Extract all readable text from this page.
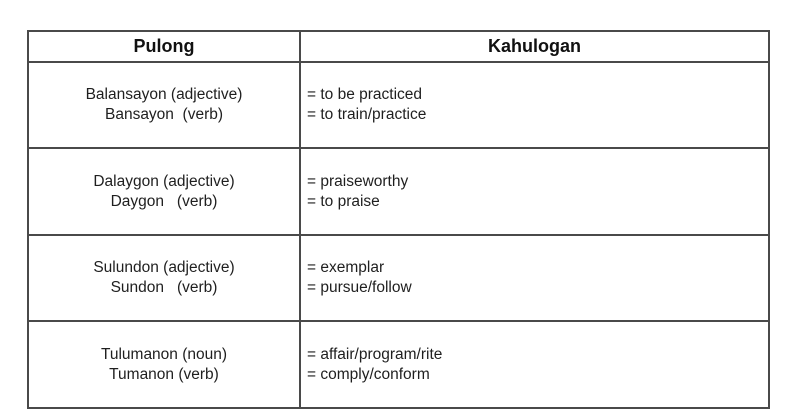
Pulong	Kahulogan
Balansayon (adjective)
Bansayon  (verb)
= to be practiced
= to train/practice
Dalaygon (adjective)
Daygon   (verb)
= praiseworthy
= to praise
Sulundon (adjective)
Sundon   (verb)
= exemplar
= pursue/follow
Tulumanon (noun)
Tumanon (verb)
= affair/program/rite
= comply/conform
